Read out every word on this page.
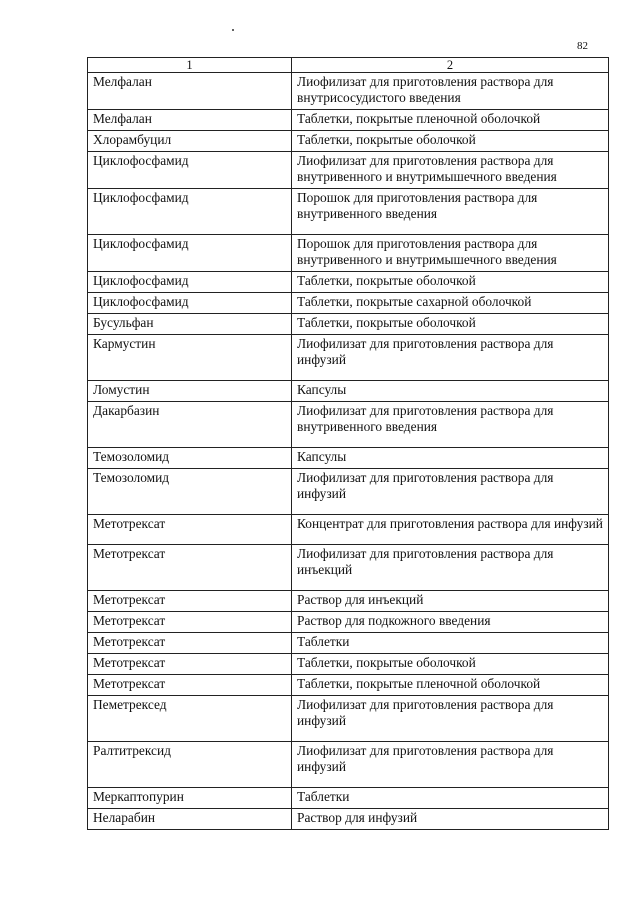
82
1	2
Мелфалан	Лиофилизат для приготовления раствора для внутрисосудистого введения
Мелфалан	Таблетки, покрытые пленочной оболочкой
Хлорамбуцил	Таблетки, покрытые оболочкой
Циклофосфамид	Лиофилизат для приготовления раствора для внутривенного и внутримышечного введения
Циклофосфамид	Порошок для приготовления раствора для внутривенного введения
Циклофосфамид	Порошок для приготовления раствора для внутривенного и внутримышечного введения
Циклофосфамид	Таблетки, покрытые оболочкой
Циклофосфамид	Таблетки, покрытые сахарной оболочкой
Бусульфан	Таблетки, покрытые оболочкой
Кармустин	Лиофилизат для приготовления раствора для инфузий
Ломустин	Капсулы
Дакарбазин	Лиофилизат для приготовления раствора для внутривенного введения
Темозоломид	Капсулы
Темозоломид	Лиофилизат для приготовления раствора для инфузий
Метотрексат	Концентрат для приготовления раствора для инфузий
Метотрексат	Лиофилизат для приготовления раствора для инъекций
Метотрексат	Раствор для инъекций
Метотрексат	Раствор для подкожного введения
Метотрексат	Таблетки
Метотрексат	Таблетки, покрытые оболочкой
Метотрексат	Таблетки, покрытые пленочной оболочкой
Пеметрексед	Лиофилизат для приготовления раствора для инфузий
Ралтитрексид	Лиофилизат для приготовления раствора для инфузий
Меркаптопурин	Таблетки
Неларабин	Раствор для инфузий
